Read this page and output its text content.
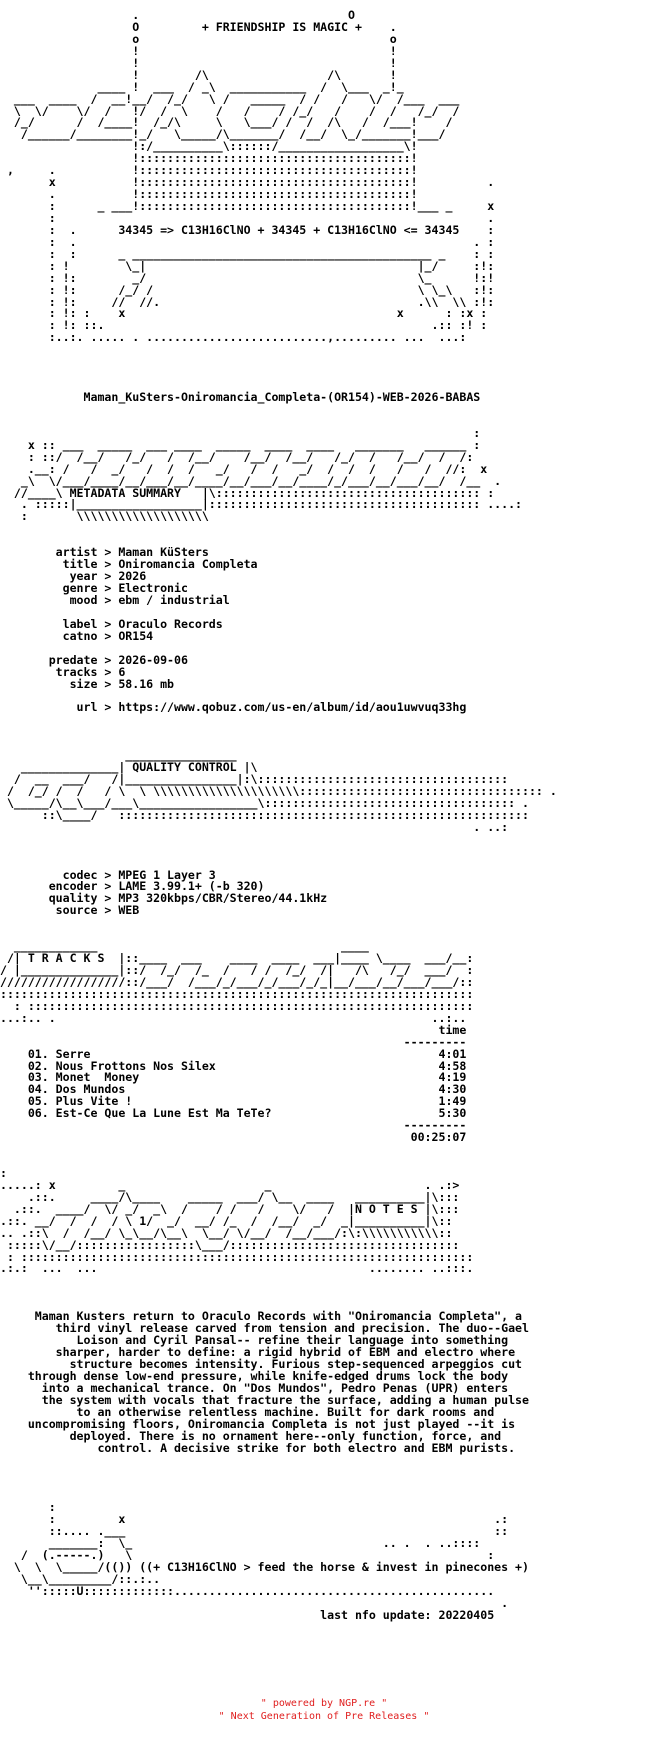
.                              O
O         + FRIENDSHIP IS MAGIC +    .
o                                    o
!                                    !
!                                    !
!        /\                 /\       !
____ !  ___  / _\  ___________  /  \___  _!_
___  ____  /  __!__/  /_/   \ /   _____  / /   /   \/  /___  ___
\  \/    \/  /   !/  /  \    /   /    / /_/   /    /  /   /_/  /
/_/      /  /____!  /_/\     \   \___/ /  /  /\   /  /___!    /
/______/________!_/   \_____/\_______/  /__/  \_/_______!___/
!:/__________\::::::/__________________\!
!:::::::::::::::::::::::::::::::::::::::!
,     .           !:::::::::::::::::::::::::::::::::::::::!
x           !:::::::::::::::::::::::::::::::::::::::!          .
.           !:::::::::::::::::::::::::::::::::::::::!
:      _ ___!:::::::::::::::::::::::::::::::::::::::!___ _     x
:                                                              .
:  .      34345 => C13H16ClNO + 34345 + C13H16ClNO <= 34345    :
:  .                                                         . :
:  :      _ ___________________________________________ _    : :
: !        \_|                                       |_/     :!:
: !:        _/                                       \_      !:!
: !:      /_/ /                                      \ \_\   :!:
: !:     //  //.                                     .\\  \\ :!:
: !: :    x                                       x      : :x :
: !: ::.                                               .:: :! :
:..:. ..... . ..........................,......... ...  ...:

Maman_KuSters-Oniromancia_Completa-(OR154)-WEB-2026-BABAS

:
x :: ___  _____  ___ ____  _____  ____  ____   _______   ______ :
: ::/  /__/   /_/   /  /__/    /__/  /__/   /_/  /   /__/  /  /:
.__: /   /  _/   /  /  /   _/   /  /   _/  /  /  /   /   /  //:  x
_\  \/___/____/__/___/__/____/__/___/__/____/_/___/__/___/__/  /__  .
//____\ METADATA SUMMARY   |\:::::::::::::::::::::::::::::::::::::: :
. :::::|__________________|::::::::::::::::::::::::::::::::::::::: ....:
:       \\\\\\\\\\\\\\\\\\\

artist > Maman KüSters
title > Oniromancia Completa
year > 2026
genre > Electronic
mood > ebm / industrial

label > Oraculo Records
catno > OR154

predate > 2026-09-06
tracks > 6
size > 58.16 mb

url > https://www.qobuz.com/us-en/album/id/aou1uwvuq33hg

________________
______________| QUALITY CONTROL |\
/  __  ___/   /|________________|:\::::::::::::::::::::::::::::::::::::
/  /_/ /  /   / \  \ \\\\\\\\\\\\\\\\\\\\\::::::::::::::::::::::::::::::::::: .
\_____/\__\___/___\_________________\:::::::::::::::::::::::::::::::::::: .
::\____/   :::::::::::::::::::::::::::::::::::::::::::::::::::::::::::
. ..:

codec > MPEG 1 Layer 3
encoder > LAME 3.99.1+ (-b 320)
quality > MP3 320kbps/CBR/Stereo/44.1kHz
source > WEB

____________                                   ____
/| T R A C K S  |::____  ___    ____  ____  ___|____ \____  ___/__:
/ |______________|::/  /_/  /_  /   / /  /_/  /|   /\   /_/  ___/  :
//////////////////::/___/  /___/_/___/_/___/_/_|__/___/__/___/___/::
::::::::::::::::::::::::::::::::::::::::::::::::::::::::::::::::::::
: ::::::::::::::::::::::::::::::::::::::::::::::::::::::::::::::::
...:.. .                                                      ..:..
time
---------
01. Serre                                                  4:01
02. Nous Frottons Nos Silex                                4:58
03. Monet  Money                                           4:19
04. Dos Mundos                                             4:30
05. Plus Vite !                                            1:49
06. Est-Ce Que La Lune Est Ma TeTe?                        5:30
---------
00:25:07

:
.....: x         _                    _                      . .:>
.::.     ____/\____    _____  ___/ \__  ____   __________|\:::
.::.  ____/  \/ _/  _\  /    / /   /    \/   /  |N O T E S |\:::
.::. __/  /  /  / \ 1/  _/  __/ /_  /  /__/  _/  _|__________|\::
.. .::\  /  /__/ \_\__/\__\  \__/ \/__/  /__/___/:\:\\\\\\\\\\\::
:::::\/__/:::::::::::::::::\___/:::::::::::::::::::::::::::::::::
: :::::::::::::::::::::::::::::::::::::::::::::::::::::::::::::::::
.:.:  ...  ...                                       ........ ..:::.

Maman Kusters return to Oraculo Records with "Oniromancia Completa", a
third vinyl release carved from tension and precision. The duo--Gael
Loison and Cyril Pansal-- refine their language into something
sharper, harder to define: a rigid hybrid of EBM and electro where
structure becomes intensity. Furious step-sequenced arpeggios cut
through dense low-end pressure, while knife-edged drums lock the body
into a mechanical trance. On "Dos Mundos", Pedro Penas (UPR) enters
the system with vocals that fracture the surface, adding a human pulse
to an otherwise relentless machine. Built for dark rooms and
uncompromising floors, Oniromancia Completa is not just played --it is
deployed. There is no ornament here--only function, force, and
control. A decisive strike for both electro and EBM purists.

:
:         x                                                     .:
::.... .___                                                     ::
_______:  \_                                    .. .  . ..::::
/  (.-----.)   \                                                   :
\  \  \_____/(()) ((+ C13H16ClNO > feed the horse & invest in pinecones +)
\__\_________/::.:..
'':::::U:::::::::::::..............................................
.
last nfo update: 20220405

" powered by NGP.re "
" Next Generation of Pre Releases "
